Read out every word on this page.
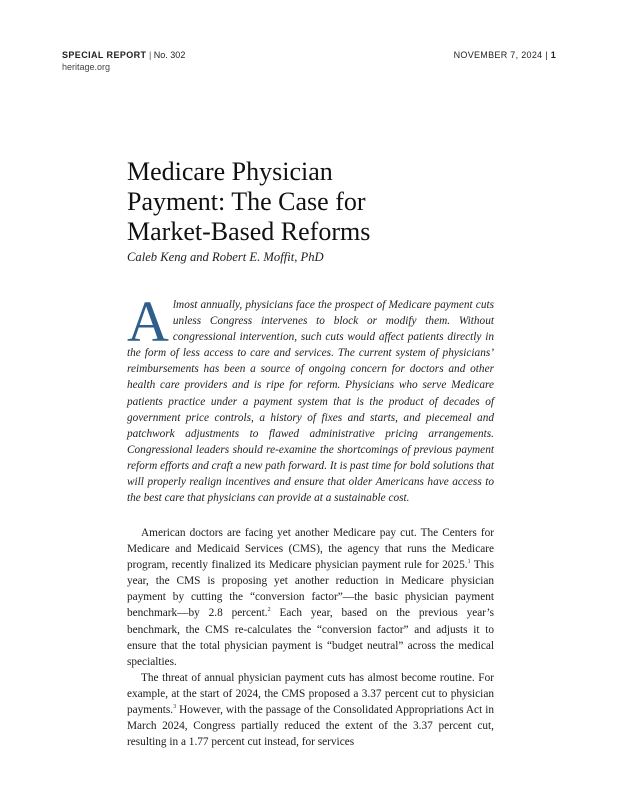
SPECIAL REPORT | No. 302
heritage.org
NOVEMBER 7, 2024 | 1
Medicare Physician
Payment: The Case for
Market-Based Reforms
Caleb Keng and Robert E. Moffit, PhD
Almost annually, physicians face the prospect of Medicare payment cuts unless Congress intervenes to block or modify them. Without congressional intervention, such cuts would affect patients directly in the form of less access to care and services. The current system of physicians’ reimbursements has been a source of ongoing concern for doctors and other health care providers and is ripe for reform. Physicians who serve Medicare patients practice under a payment system that is the product of decades of government price controls, a history of fixes and starts, and piecemeal and patchwork adjustments to flawed administrative pricing arrangements. Congressional leaders should re-examine the shortcomings of previous payment reform efforts and craft a new path forward. It is past time for bold solutions that will properly realign incentives and ensure that older Americans have access to the best care that physicians can provide at a sustainable cost.

American doctors are facing yet another Medicare pay cut. The Centers for Medicare and Medicaid Services (CMS), the agency that runs the Medicare program, recently finalized its Medicare physician payment rule for 2025.$^1$ This year, the CMS is proposing yet another reduction in Medicare physician payment by cutting the “conversion factor”—the basic physician payment benchmark—by 2.8 percent.$^2$ Each year, based on the previous year’s benchmark, the CMS re-calculates the “conversion factor” and adjusts it to ensure that the total physician payment is “budget neutral” across the medical specialties.

The threat of annual physician payment cuts has almost become routine. For example, at the start of 2024, the CMS proposed a 3.37 percent cut to physician payments.$^3$ However, with the passage of the Consolidated Appropriations Act in March 2024, Congress partially reduced the extent of the 3.37 percent cut, resulting in a 1.77 percent cut instead, for services
